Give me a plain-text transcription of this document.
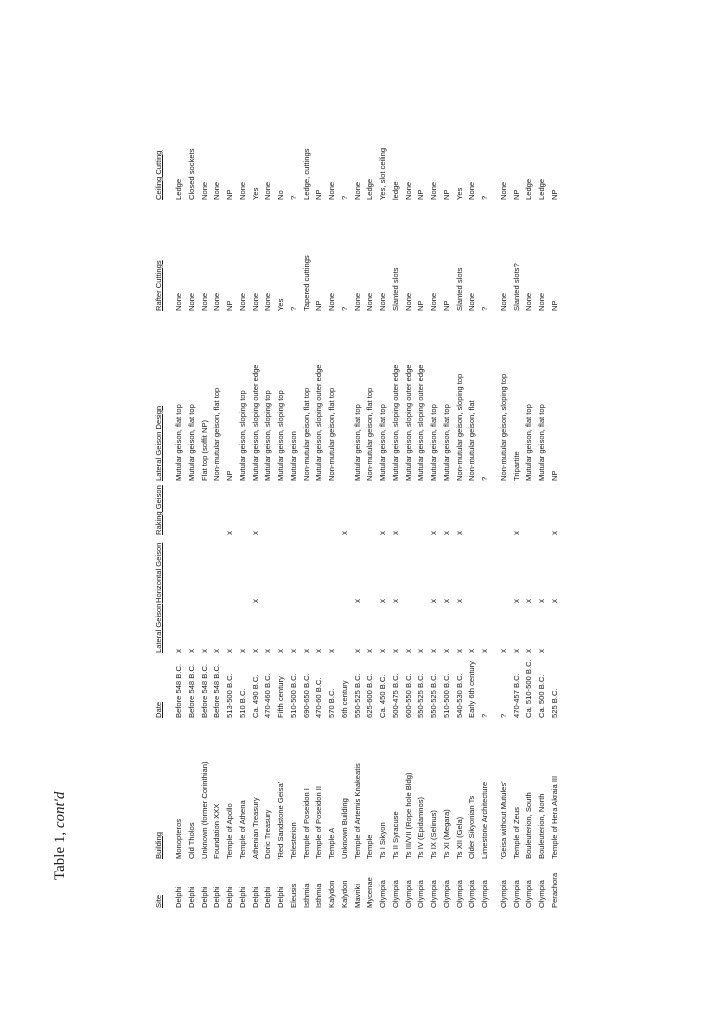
Table 1, cont'd
Site
Building
Date
Lateral Geison
Horizontal Geison
Raking Geison
Lateral Geison Design
Rafter Cuttings
Ceiling Cutting
Delphi
Monopteros
Before 548 B.C.
x
Mutular geison, flat top
None
Ledge
Delphi
Old Tholos
Before 548 B.C.
x
Mutular geison, flat top
None
Closed sockets
Delphi
Unknown (former Corinthian)
Before 548 B.C.
x
Flat top (soffit NP)
None
None
Delphi
Foundation XXX
Before 548 B.C.
x
Non-mutular geison, flat top
None
None
Delphi
Temple of Apollo
513-500 B.C.
x
x
NP
NP
NP
Delphi
Temple of Athena
510 B.C.
x
Mutular geison, sloping top
None
None
Delphi
Athenian Treasury
Ca. 490 B.C.
x
x
x
Mutular geison, sloping outer edge
None
Yes
Delphi
Doric Treasury
470-460 B.C.
x
Mutular geison, sloping top
None
None
Delphi
'Red Sandstone Geisa'
Fifth century
x
Mutular geison, sloping top
Yes
No
Eleusis
Telesterion
510-500 B.C.
x
Mutular geison
?
?
Isthmia
Temple of Poseidon I
690-650 B.C.
x
Non-mutular geison, flat top
Tapered cuttings
Ledge, cuttings
Isthmia
Temple of Poseidon II
470-60 B.C.
x
Mutular geison, sloping outer edge
NP
NP
Kalydon
Temple A
570 B.C.
x
Non-mutular geison, flat top
None
None
Kalydon
Unknown Building
6th century
x
?
?
Mavriki
Temple of Artemis Knakeatis
550-525 B.C.
x
x
Mutular geison, flat top
None
None
Mycenae
Temple
625-600 B.C.
x
Non-mutular geison, flat top
None
Ledge
Olympia
Ts I Sikyon
Ca. 450 B.C.
x
x
x
Mutular geison, flat top
None
Yes, slot ceiling
Olympia
Ts II Syracuse
500-475 B.C.
x
x
x
Mutular geison, sloping outer edge
Slanted slots
ledge
Olympia
Ts III/VII (Rope hole Bldg)
600-550 B.C.
x
Mutular geison, sloping outer edge
None
None
Olympia
Ts IV (Epidamnos)
550-525 B.C.
x
Mutular geison, sloping outer edge
NP
NP
Olympia
Ts IX (Selinus)
550-525 B.C.
x
x
x
Mutular geison, flat top
None
None
Olympia
Ts XI (Megara)
510-500 B.C.
x
x
x
Mutular geison, flat top
NP
NP
Olympia
Ts XII (Gela)
540-530 B.C.
x
x
x
Non-mutular geison, sloping top
Slanted slots
Yes
Olympia
Older Sikyonian Ts
Early 6th century
x
Non-mutular geison, flat
None
None
Olympia
Limestone Architecture
?
x
?
?
?
Olympia
'Geisa without Mutules'
?
x
Non-mutular geison, sloping top
None
None
Olympia
Temple of Zeus
470-457 B.C.
x
x
x
Tripartite
Slanted slots?
NP
Olympia
Bouleuterion, South
Ca. 510-500 B.C.
x
x
Mutular geison, flat top
None
Ledge
Olympia
Bouleuterion, North
Ca. 500 B.C.
x
x
Mutular geison, flat top
None
Ledge
Perachora
Temple of Hera Akraia III
525 B.C.
x
x
NP
NP
NP
